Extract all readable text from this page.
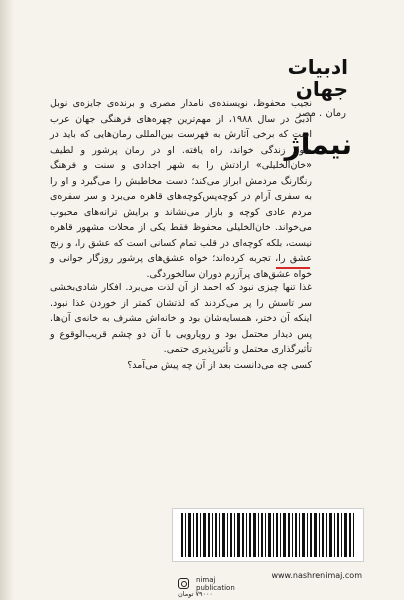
ادبیات جهان
رمان . مصر
نیماژ

نجیب محفوظ، نویسنده‌ی نامدار مصری و برنده‌ی جایزه‌ی نوبل ادبی در سال ۱۹۸۸، از مهم‌ترین چهره‌های فرهنگی جهان عرب است که برخی آثارش به فهرست بین‌المللی رمان‌هایی که باید در طول زندگی خواند، راه یافته. او در رمان پرشور و لطیف «خان‌الخلیلی» ارادتش را به شهر اجدادی و سنت و فرهنگ رنگارنگ مردمش ابراز می‌کند؛ دست مخاطبش را می‌گیرد و او را به سفری آرام در کوچه‌پس‌کوچه‌های قاهره می‌برد و سر سفره‌ی مردم عادی کوچه و بازار می‌نشاند و برایش ترانه‌های محبوب می‌خواند. خان‌الخلیلی محفوظ فقط یکی از محلات مشهور قاهره نیست، بلکه کوچه‌ای در قلب تمام کسانی است که عشق را، و رنج عشق را، تجربه کرده‌اند؛ خواه عشق‌های پرشور روزگار جوانی و خواه عشق‌های پرآزرم دوران سالخوردگی.

غذا تنها چیزی نبود که احمد از آن لذت می‌برد. افکار شادی‌بخشی سر تاسش را پر می‌کردند که لذتشان کمتر از خوردن غذا نبود. اینکه آن دختر، همسایه‌شان بود و خانه‌اش مشرف به خانه‌ی آن‌ها. پس دیدار محتمل بود و رویارویی با آن دو چشم قریب‌الوقوع و تأثیرگذاری محتمل و تأثیرپذیری حتمی.

کسی چه می‌دانست بعد از آن چه پیش می‌آمد؟

www.nashrenimaj.com
nimaj
publication
۷۹۰۰۰ تومان
